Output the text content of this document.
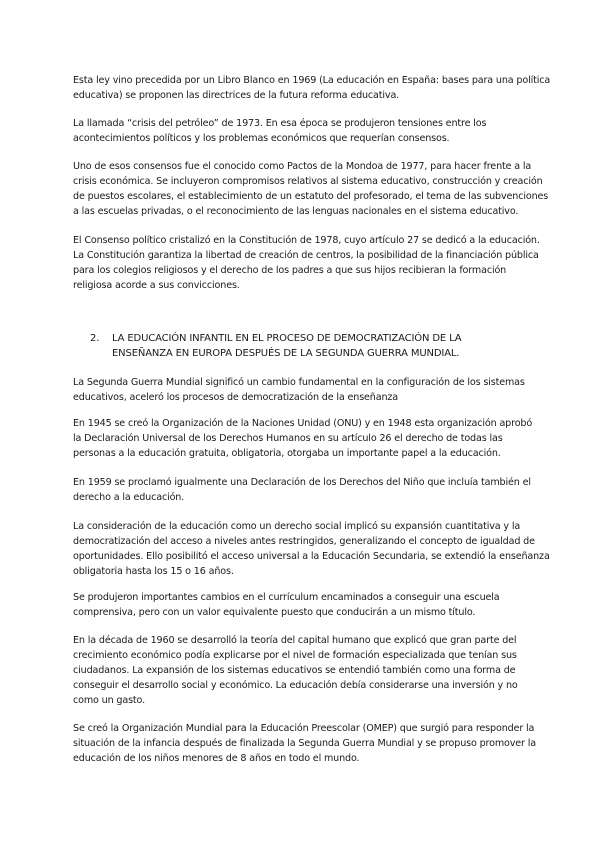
Esta ley vino precedida por un Libro Blanco en 1969 (La educación en España: bases para una política
educativa) se proponen las directrices de la futura reforma educativa.
La llamada “crisis del petróleo” de 1973. En esa época se produjeron tensiones entre los
acontecimientos políticos y los problemas económicos que requerían consensos.
Uno de esos consensos fue el conocido como Pactos de la Mondoa de 1977, para hacer frente a la
crisis económica. Se incluyeron compromisos relativos al sistema educativo, construcción y creación
de puestos escolares, el establecimiento de un estatuto del profesorado, el tema de las subvenciones
a las escuelas privadas, o el reconocimiento de las lenguas nacionales en el sistema educativo.
El Consenso político cristalizó en la Constitución de 1978, cuyo artículo 27 se dedicó a la educación.
La Constitución garantiza la libertad de creación de centros, la posibilidad de la financiación pública
para los colegios religiosos y el derecho de los padres a que sus hijos recibieran la formación
religiosa acorde a sus convicciones.
2. LA EDUCACIÓN INFANTIL EN EL PROCESO DE DEMOCRATIZACIÓN DE LA
ENSEÑANZA EN EUROPA DESPUÉS DE LA SEGUNDA GUERRA MUNDIAL.
La Segunda Guerra Mundial significó un cambio fundamental en la configuración de los sistemas
educativos, aceleró los procesos de democratización de la enseñanza
En 1945 se creó la Organización de la Naciones Unidad (ONU) y en 1948 esta organización aprobó
la Declaración Universal de los Derechos Humanos en su artículo 26 el derecho de todas las
personas a la educación gratuita, obligatoria, otorgaba un importante papel a la educación.
En 1959 se proclamó igualmente una Declaración de los Derechos del Niño que incluía también el
derecho a la educación.
La consideración de la educación como un derecho social implicó su expansión cuantitativa y la
democratización del acceso a niveles antes restringidos, generalizando el concepto de igualdad de
oportunidades. Ello posibilitó el acceso universal a la Educación Secundaria, se extendió la enseñanza
obligatoria hasta los 15 o 16 años.
Se produjeron importantes cambios en el currículum encaminados a conseguir una escuela
comprensiva, pero con un valor equivalente puesto que conducirán a un mismo título.
En la década de 1960 se desarrolló la teoría del capital humano que explicó que gran parte del
crecimiento económico podía explicarse por el nivel de formación especializada que tenían sus
ciudadanos. La expansión de los sistemas educativos se entendió también como una forma de
conseguir el desarrollo social y económico. La educación debía considerarse una inversión y no
como un gasto.
Se creó la Organización Mundial para la Educación Preescolar (OMEP) que surgió para responder la
situación de la infancia después de finalizada la Segunda Guerra Mundial y se propuso promover la
educación de los niños menores de 8 años en todo el mundo.
